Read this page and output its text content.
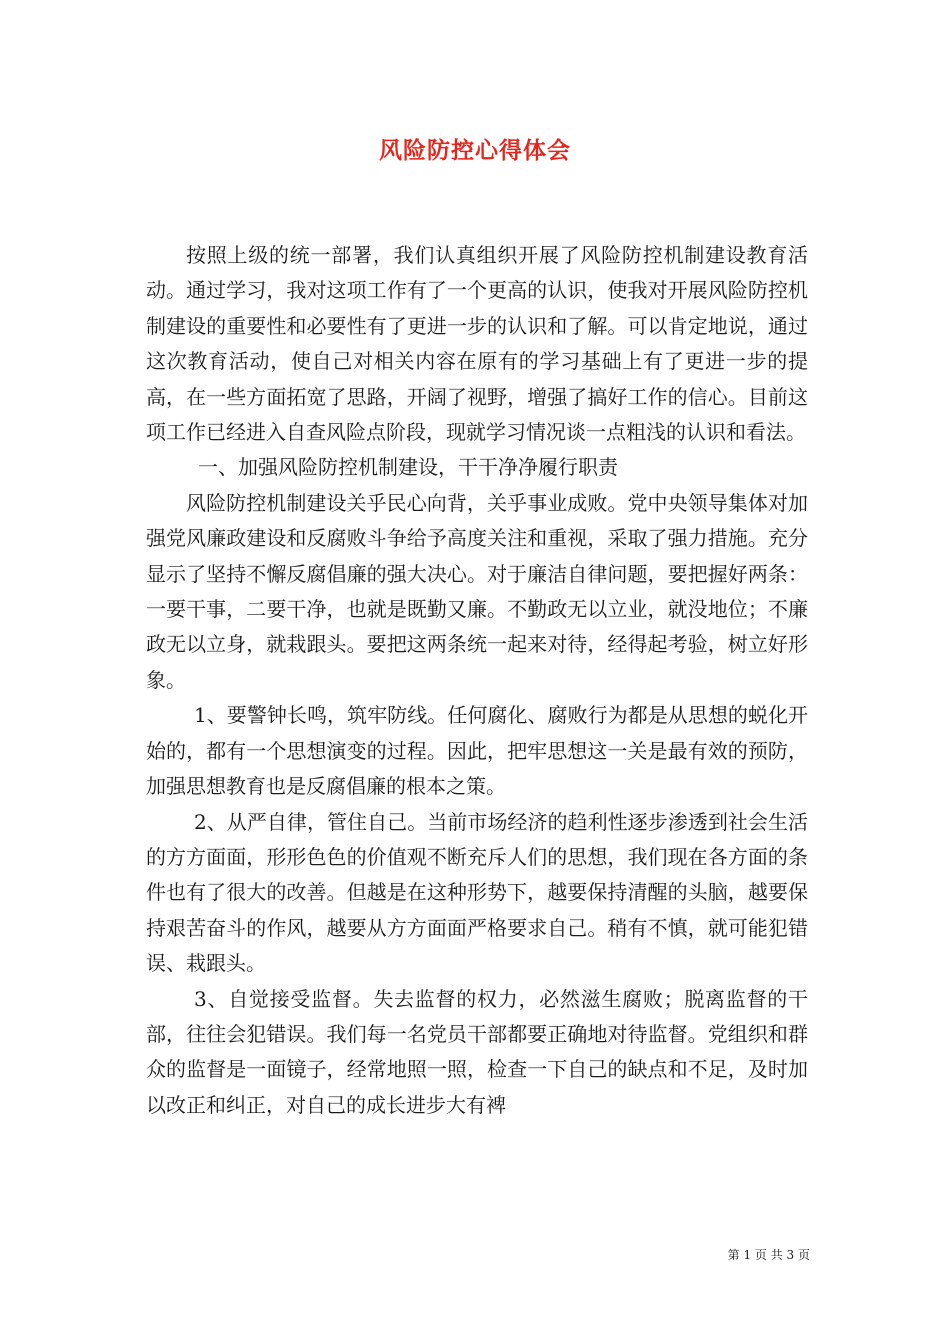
风险防控心得体会

按照上级的统一部署，我们认真组织开展了风险防控机制建设教育活动。通过学习，我对这项工作有了一个更高的认识，使我对开展风险防控机制建设的重要性和必要性有了更进一步的认识和了解。可以肯定地说，通过这次教育活动，使自己对相关内容在原有的学习基础上有了更进一步的提高，在一些方面拓宽了思路，开阔了视野，增强了搞好工作的信心。目前这项工作已经进入自查风险点阶段，现就学习情况谈一点粗浅的认识和看法。

一、加强风险防控机制建设，干干净净履行职责

风险防控机制建设关乎民心向背，关乎事业成败。党中央领导集体对加强党风廉政建设和反腐败斗争给予高度关注和重视，采取了强力措施。充分显示了坚持不懈反腐倡廉的强大决心。对于廉洁自律问题，要把握好两条：一要干事，二要干净，也就是既勤又廉。不勤政无以立业，就没地位；不廉政无以立身，就栽跟头。要把这两条统一起来对待，经得起考验，树立好形象。

1、要警钟长鸣，筑牢防线。任何腐化、腐败行为都是从思想的蜕化开始的，都有一个思想演变的过程。因此，把牢思想这一关是最有效的预防，加强思想教育也是反腐倡廉的根本之策。

2、从严自律，管住自己。当前市场经济的趋利性逐步渗透到社会生活的方方面面，形形色色的价值观不断充斥人们的思想，我们现在各方面的条件也有了很大的改善。但越是在这种形势下，越要保持清醒的头脑，越要保持艰苦奋斗的作风，越要从方方面面严格要求自己。稍有不慎，就可能犯错误、栽跟头。

3、自觉接受监督。失去监督的权力，必然滋生腐败；脱离监督的干部，往往会犯错误。我们每一名党员干部都要正确地对待监督。党组织和群众的监督是一面镜子，经常地照一照，检查一下自己的缺点和不足，及时加以改正和纠正，对自己的成长进步大有裨

第 1 页 共 3 页
